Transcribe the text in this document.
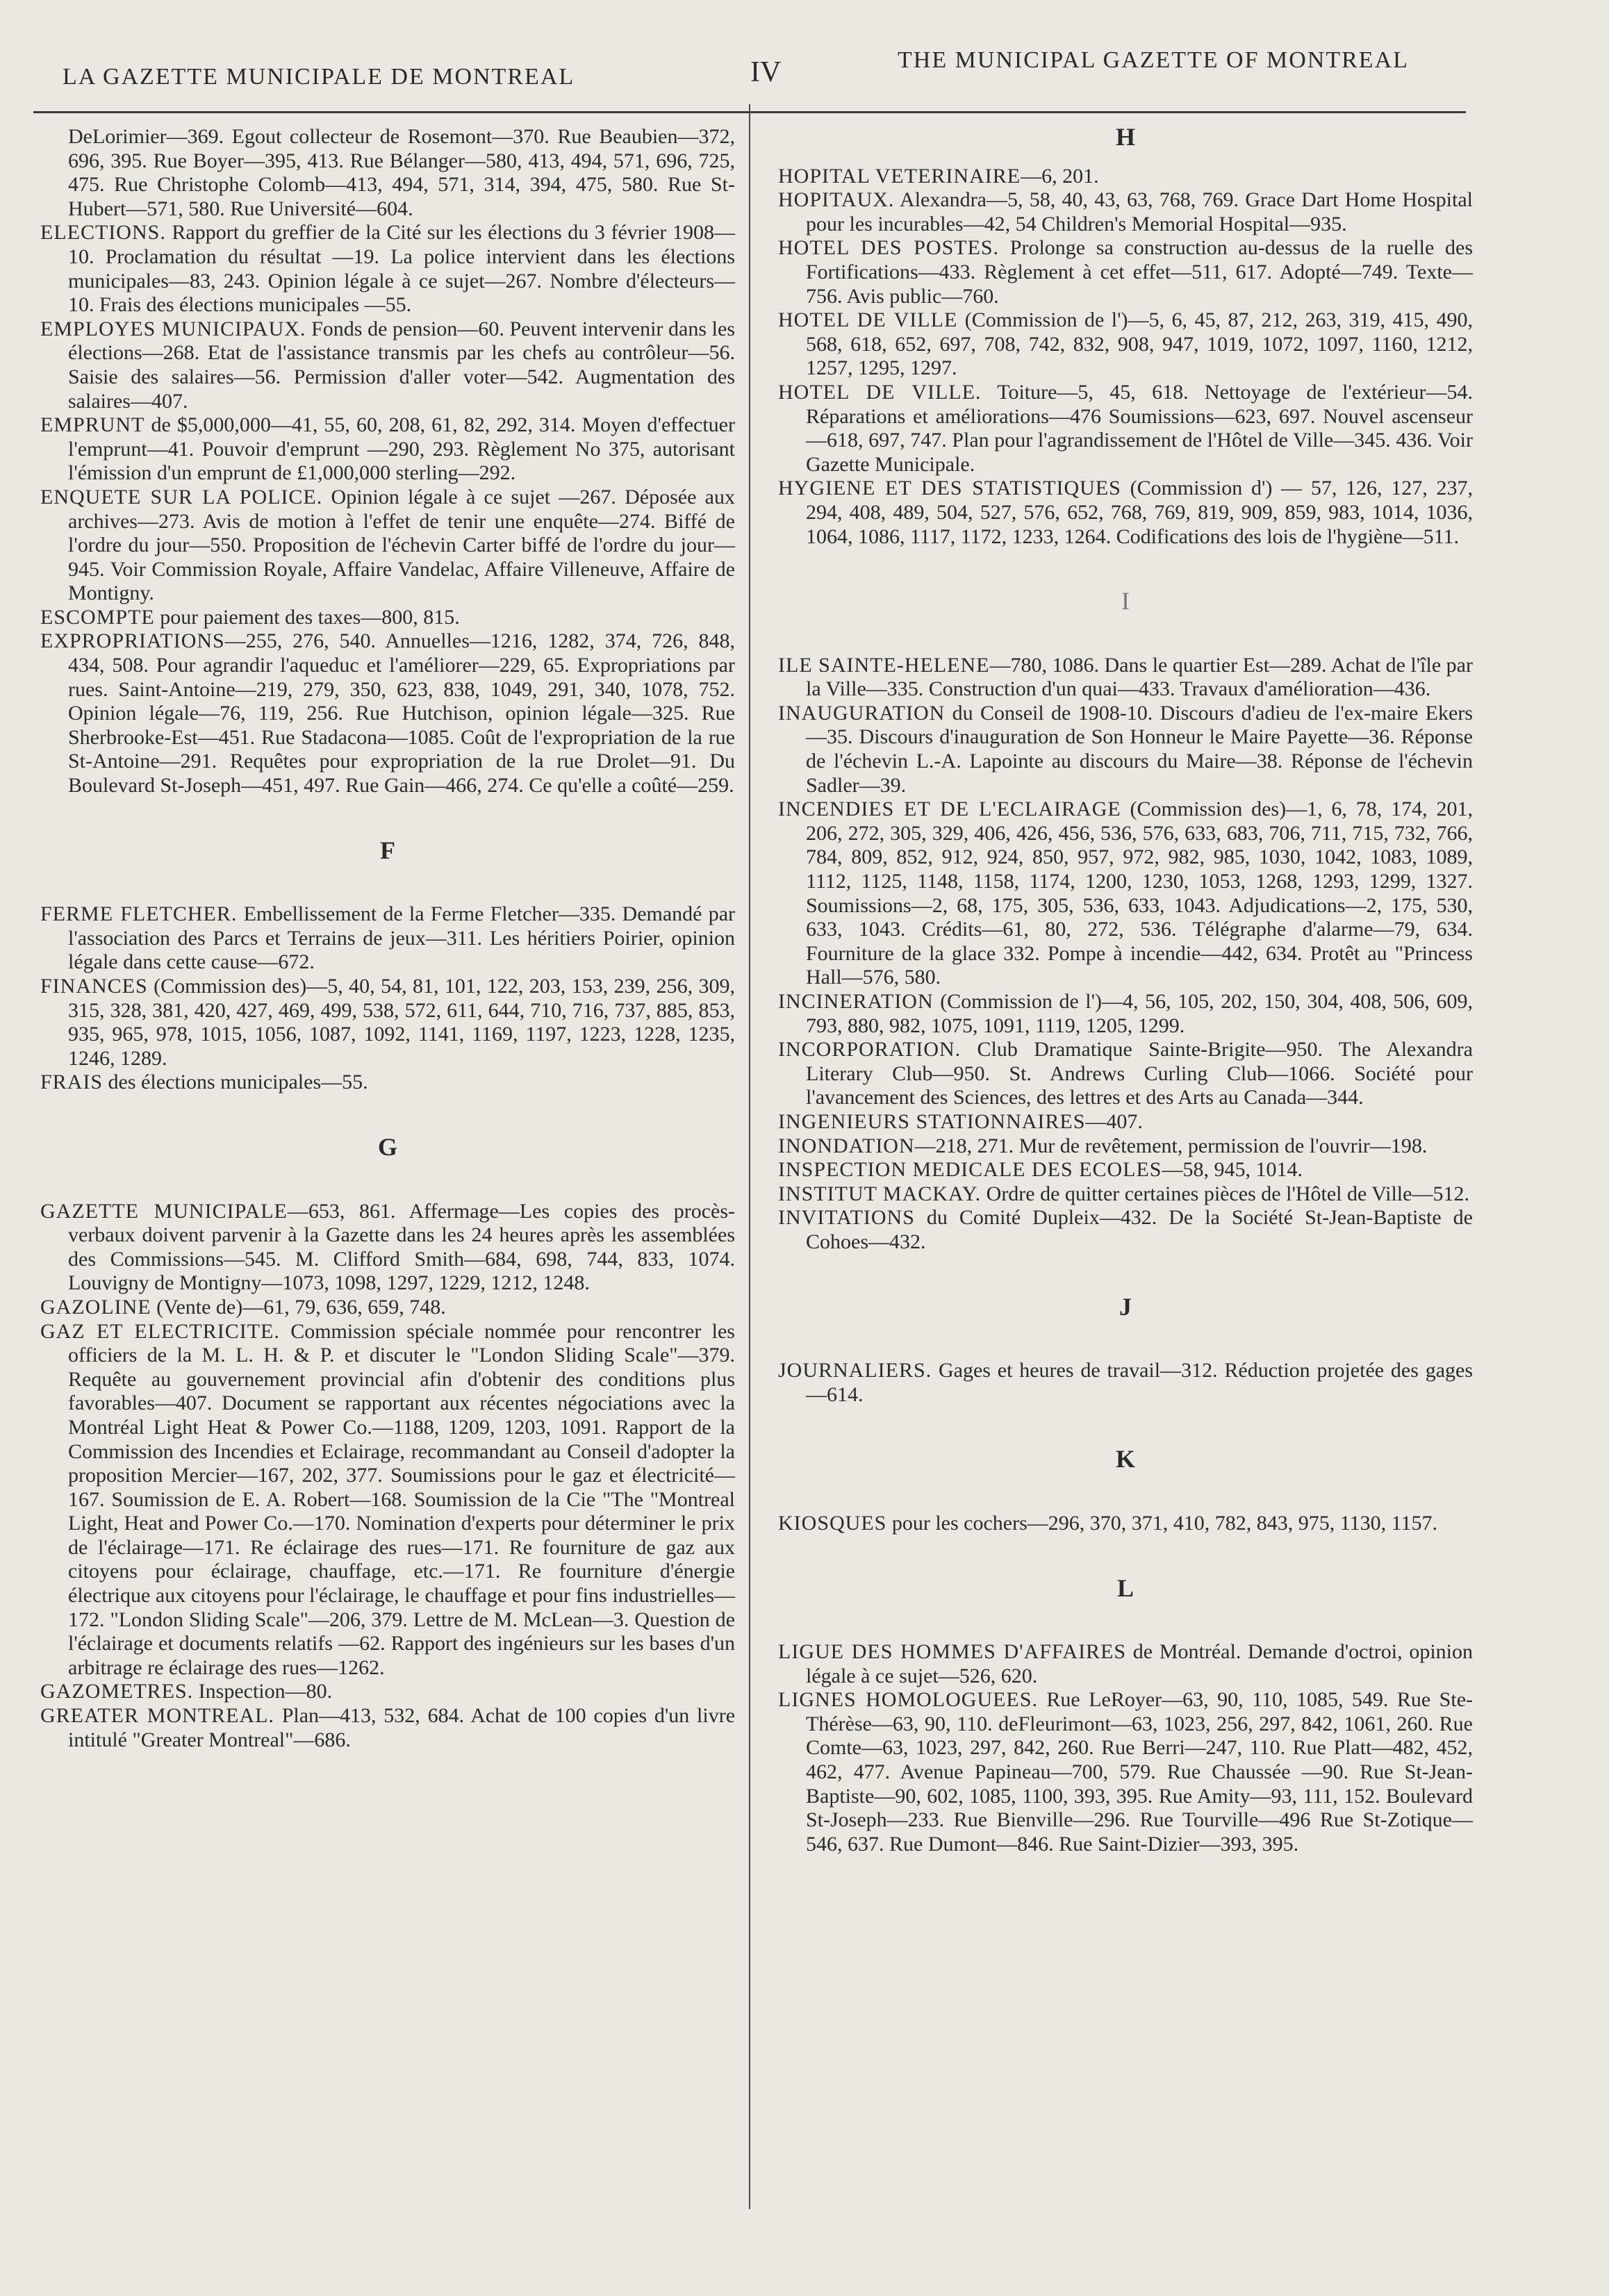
LA GAZETTE MUNICIPALE DE MONTREAL	IV	THE MUNICIPAL GAZETTE OF MONTREAL

DeLorimier—369. Egout collecteur de Rosemont—370. Rue Beaubien—372, 696, 395. Rue Boyer—395, 413. Rue Bélanger—580, 413, 494, 571, 696, 725, 475. Rue Christophe Colomb—413, 494, 571, 314, 394, 475, 580. Rue St-Hubert—571, 580. Rue Université—604.

ELECTIONS. Rapport du greffier de la Cité sur les élections du 3 février 1908—10. Proclamation du résultat —19. La police intervient dans les élections municipales—83, 243. Opinion légale à ce sujet—267. Nombre d'électeurs—10. Frais des élections municipales —55.

EMPLOYES MUNICIPAUX. Fonds de pension—60. Peuvent intervenir dans les élections—268. Etat de l'assistance transmis par les chefs au contrôleur—56. Saisie des salaires—56. Permission d'aller voter—542. Augmentation des salaires—407.

EMPRUNT de $5,000,000—41, 55, 60, 208, 61, 82, 292, 314. Moyen d'effectuer l'emprunt—41. Pouvoir d'emprunt —290, 293. Règlement No 375, autorisant l'émission d'un emprunt de £1,000,000 sterling—292.

ENQUETE SUR LA POLICE. Opinion légale à ce sujet —267. Déposée aux archives—273. Avis de motion à l'effet de tenir une enquête—274. Biffé de l'ordre du jour—550. Proposition de l'échevin Carter biffé de l'ordre du jour—945. Voir Commission Royale, Affaire Vandelac, Affaire Villeneuve, Affaire de Montigny.

ESCOMPTE pour paiement des taxes—800, 815.

EXPROPRIATIONS—255, 276, 540. Annuelles—1216, 1282, 374, 726, 848, 434, 508. Pour agrandir l'aqueduc et l'améliorer—229, 65. Expropriations par rues. Saint-Antoine—219, 279, 350, 623, 838, 1049, 291, 340, 1078, 752. Opinion légale—76, 119, 256. Rue Hutchison, opinion légale—325. Rue Sherbrooke-Est—451. Rue Stadacona—1085. Coût de l'expropriation de la rue St-Antoine—291. Requêtes pour expropriation de la rue Drolet—91. Du Boulevard St-Joseph—451, 497. Rue Gain—466, 274. Ce qu'elle a coûté—259.

F

FERME FLETCHER. Embellissement de la Ferme Fletcher—335. Demandé par l'association des Parcs et Terrains de jeux—311. Les héritiers Poirier, opinion légale dans cette cause—672.

FINANCES (Commission des)—5, 40, 54, 81, 101, 122, 203, 153, 239, 256, 309, 315, 328, 381, 420, 427, 469, 499, 538, 572, 611, 644, 710, 716, 737, 885, 853, 935, 965, 978, 1015, 1056, 1087, 1092, 1141, 1169, 1197, 1223, 1228, 1235, 1246, 1289.

FRAIS des élections municipales—55.

G

GAZETTE MUNICIPALE—653, 861. Affermage—Les copies des procès-verbaux doivent parvenir à la Gazette dans les 24 heures après les assemblées des Commissions—545. M. Clifford Smith—684, 698, 744, 833, 1074. Louvigny de Montigny—1073, 1098, 1297, 1229, 1212, 1248.

GAZOLINE (Vente de)—61, 79, 636, 659, 748.

GAZ ET ELECTRICITE. Commission spéciale nommée pour rencontrer les officiers de la M. L. H. & P. et discuter le "London Sliding Scale"—379. Requête au gouvernement provincial afin d'obtenir des conditions plus favorables—407. Document se rapportant aux récentes négociations avec la Montréal Light Heat & Power Co.—1188, 1209, 1203, 1091. Rapport de la Commission des Incendies et Eclairage, recommandant au Conseil d'adopter la proposition Mercier—167, 202, 377. Soumissions pour le gaz et électricité—167. Soumission de E. A. Robert—168. Soumission de la Cie "The "Montreal Light, Heat and Power Co.—170. Nomination d'experts pour déterminer le prix de l'éclairage—171. Re éclairage des rues—171. Re fourniture de gaz aux citoyens pour éclairage, chauffage, etc.—171. Re fourniture d'énergie électrique aux citoyens pour l'éclairage, le chauffage et pour fins industrielles—172. "London Sliding Scale"—206, 379. Lettre de M. McLean—3. Question de l'éclairage et documents relatifs —62. Rapport des ingénieurs sur les bases d'un arbitrage re éclairage des rues—1262.

GAZOMETRES. Inspection—80.

GREATER MONTREAL. Plan—413, 532, 684. Achat de 100 copies d'un livre intitulé "Greater Montreal"—686.

H

HOPITAL VETERINAIRE—6, 201.

HOPITAUX. Alexandra—5, 58, 40, 43, 63, 768, 769. Grace Dart Home Hospital pour les incurables—42, 54 Children's Memorial Hospital—935.

HOTEL DES POSTES. Prolonge sa construction au-dessus de la ruelle des Fortifications—433. Règlement à cet effet—511, 617. Adopté—749. Texte—756. Avis public—760.

HOTEL DE VILLE (Commission de l')—5, 6, 45, 87, 212, 263, 319, 415, 490, 568, 618, 652, 697, 708, 742, 832, 908, 947, 1019, 1072, 1097, 1160, 1212, 1257, 1295, 1297.

HOTEL DE VILLE. Toiture—5, 45, 618. Nettoyage de l'extérieur—54. Réparations et améliorations—476 Soumissions—623, 697. Nouvel ascenseur—618, 697, 747. Plan pour l'agrandissement de l'Hôtel de Ville—345. 436. Voir Gazette Municipale.

HYGIENE ET DES STATISTIQUES (Commission d') — 57, 126, 127, 237, 294, 408, 489, 504, 527, 576, 652, 768, 769, 819, 909, 859, 983, 1014, 1036, 1064, 1086, 1117, 1172, 1233, 1264. Codifications des lois de l'hygiène—511.

I

ILE SAINTE-HELENE—780, 1086. Dans le quartier Est—289. Achat de l'île par la Ville—335. Construction d'un quai—433. Travaux d'amélioration—436.

INAUGURATION du Conseil de 1908-10. Discours d'adieu de l'ex-maire Ekers—35. Discours d'inauguration de Son Honneur le Maire Payette—36. Réponse de l'échevin L.-A. Lapointe au discours du Maire—38. Réponse de l'échevin Sadler—39.

INCENDIES ET DE L'ECLAIRAGE (Commission des)—1, 6, 78, 174, 201, 206, 272, 305, 329, 406, 426, 456, 536, 576, 633, 683, 706, 711, 715, 732, 766, 784, 809, 852, 912, 924, 850, 957, 972, 982, 985, 1030, 1042, 1083, 1089, 1112, 1125, 1148, 1158, 1174, 1200, 1230, 1053, 1268, 1293, 1299, 1327. Soumissions—2, 68, 175, 305, 536, 633, 1043. Adjudications—2, 175, 530, 633, 1043. Crédits—61, 80, 272, 536. Télégraphe d'alarme—79, 634. Fourniture de la glace 332. Pompe à incendie—442, 634. Protêt au "Princess Hall—576, 580.

INCINERATION (Commission de l')—4, 56, 105, 202, 150, 304, 408, 506, 609, 793, 880, 982, 1075, 1091, 1119, 1205, 1299.

INCORPORATION. Club Dramatique Sainte-Brigite—950. The Alexandra Literary Club—950. St. Andrews Curling Club—1066. Société pour l'avancement des Sciences, des lettres et des Arts au Canada—344.

INGENIEURS STATIONNAIRES—407.

INONDATION—218, 271. Mur de revêtement, permission de l'ouvrir—198.

INSPECTION MEDICALE DES ECOLES—58, 945, 1014.

INSTITUT MACKAY. Ordre de quitter certaines pièces de l'Hôtel de Ville—512.

INVITATIONS du Comité Dupleix—432. De la Société St-Jean-Baptiste de Cohoes—432.

J

JOURNALIERS. Gages et heures de travail—312. Réduction projetée des gages—614.

K

KIOSQUES pour les cochers—296, 370, 371, 410, 782, 843, 975, 1130, 1157.

L

LIGUE DES HOMMES D'AFFAIRES de Montréal. Demande d'octroi, opinion légale à ce sujet—526, 620.

LIGNES HOMOLOGUEES. Rue LeRoyer—63, 90, 110, 1085, 549. Rue Ste-Thérèse—63, 90, 110. deFleurimont—63, 1023, 256, 297, 842, 1061, 260. Rue Comte—63, 1023, 297, 842, 260. Rue Berri—247, 110. Rue Platt—482, 452, 462, 477. Avenue Papineau—700, 579. Rue Chaussée —90. Rue St-Jean-Baptiste—90, 602, 1085, 1100, 393, 395. Rue Amity—93, 111, 152. Boulevard St-Joseph—233. Rue Bienville—296. Rue Tourville—496 Rue St-Zotique—546, 637. Rue Dumont—846. Rue Saint-Dizier—393, 395.
